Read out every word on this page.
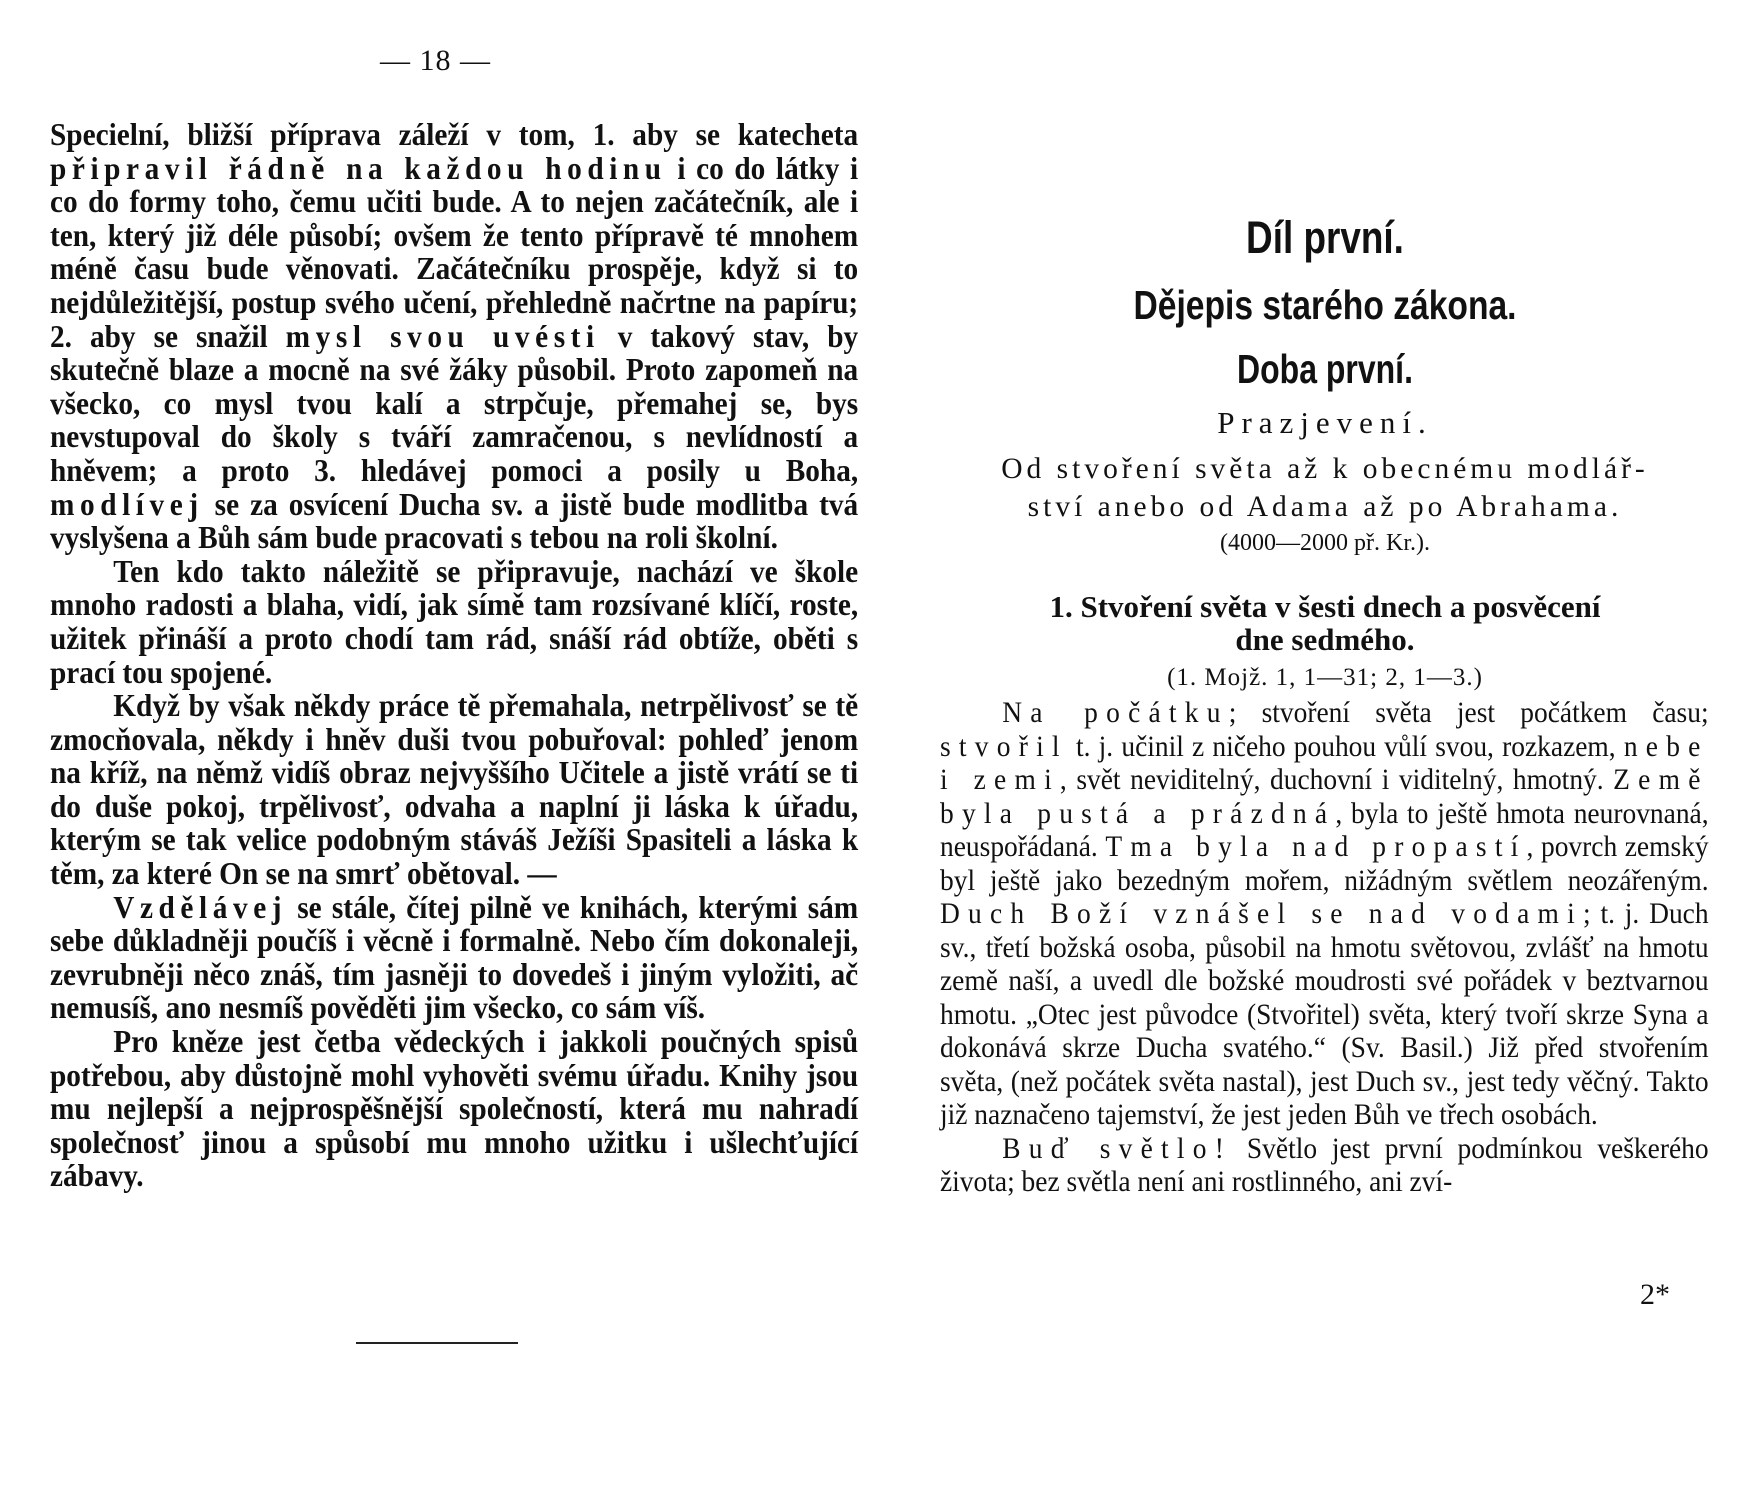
— 18 —

Specielní, bližší příprava záleží v tom, 1. aby se katecheta připravil řádně na každou hodinu i co do látky i co do formy toho, čemu učiti bude. A to nejen začátečník, ale i ten, který již déle působí; ovšem že tento přípravě té mnohem méně času bude věnovati. Začátečníku prospěje, když si to nejdůležitější, postup svého učení, přehledně načrtne na papíru; 2. aby se snažil mysl svou uvésti v takový stav, by skutečně blaze a mocně na své žáky působil. Proto zapomeň na všecko, co mysl tvou kalí a strpčuje, přemahej se, bys nevstupoval do školy s tváří zamračenou, s nevlídností a hněvem; a proto 3. hledávej pomoci a posily u Boha, modlívej se za osvícení Ducha sv. a jistě bude modlitba tvá vyslyšena a Bůh sám bude pracovati s tebou na roli školní.

Ten kdo takto náležitě se připravuje, nachází ve škole mnoho radosti a blaha, vidí, jak símě tam rozsívané klíčí, roste, užitek přináší a proto chodí tam rád, snáší rád obtíže, oběti s prací tou spojené.

Když by však někdy práce tě přemahala, netrpělivosť se tě zmocňovala, někdy i hněv duši tvou pobuřoval: pohleď jenom na kříž, na němž vidíš obraz nejvyššího Učitele a jistě vrátí se ti do duše pokoj, trpělivosť, odvaha a naplní ji láska k úřadu, kterým se tak velice podobným stáváš Ježíši Spasiteli a láska k těm, za které On se na smrť obětoval. —

Vzdělávej se stále, čítej pilně ve knihách, kterými sám sebe důkladněji poučíš i věcně i formalně. Nebo čím dokonaleji, zevrubněji něco znáš, tím jasněji to dovedeš i jiným vyložiti, ač nemusíš, ano nesmíš pověděti jim všecko, co sám víš.

Pro kněze jest četba vědeckých i jakkoli poučných spisů potřebou, aby důstojně mohl vyhověti svému úřadu. Knihy jsou mu nejlepší a nejprospěšnější společností, která mu nahradí společnosť jinou a spůsobí mu mnoho užitku i ušlechťující zábavy.

Díl první.
Dějepis starého zákona.
Doba první.
Prazjevení.
Od stvoření světa až k obecnému modlář-
ství anebo od Adama až po Abrahama.
(4000—2000 př. Kr.).
1. Stvoření světa v šesti dnech a posvěcení
dne sedmého.
(1. Mojž. 1, 1—31; 2, 1—3.)

Na počátku; stvoření světa jest počátkem času; stvořil t. j. učinil z ničeho pouhou vůlí svou, rozkazem, nebe i zemi, svět neviditelný, duchovní i viditelný, hmotný. Země byla pustá a prázdná, byla to ještě hmota neurovnaná, neuspořádaná. Tma byla nad propastí, povrch zemský byl ještě jako bezedným mořem, nižádným světlem neozářeným. Duch Boží vznášel se nad vodami; t. j. Duch sv., třetí božská osoba, působil na hmotu světovou, zvlášť na hmotu země naší, a uvedl dle božské moudrosti své pořádek v beztvarnou hmotu. „Otec jest původce (Stvořitel) světa, který tvoří skrze Syna a dokonává skrze Ducha svatého.“ (Sv. Basil.) Již před stvořením světa, (než počátek světa nastal), jest Duch sv., jest tedy věčný. Takto již naznačeno tajemství, že jest jeden Bůh ve třech osobách.

Buď světlo! Světlo jest první podmínkou veškerého života; bez světla není ani rostlinného, ani zví-

2*
